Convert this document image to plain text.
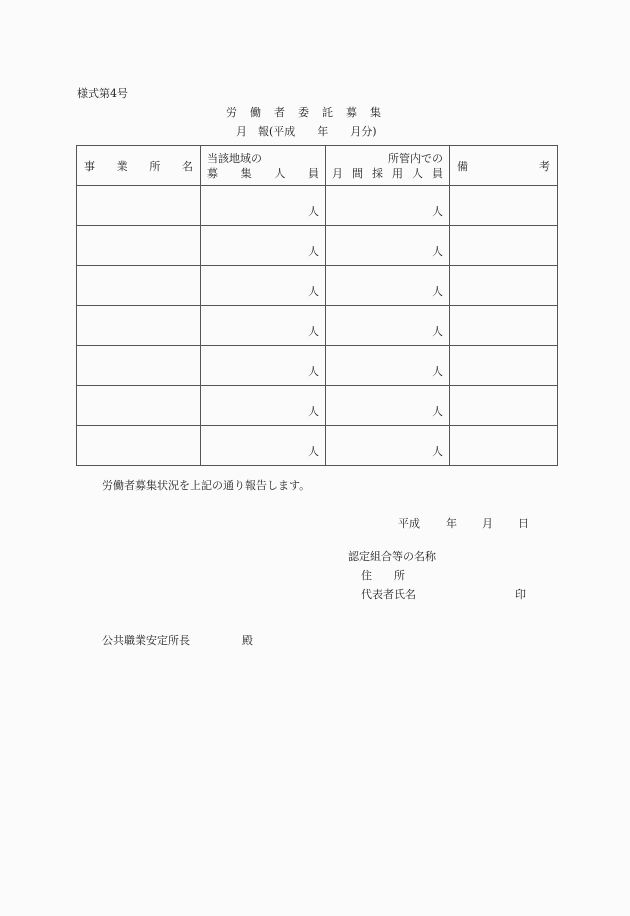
様式第4号
労 働 者 委 託 募 集
月　報(平成　　年　　月分)
事 業 所 名

当該地域の
募 集 人 員

所管内での
月 間 採 用 人 員

備	考

	人	人	

	人	人	

	人	人	

	人	人	

	人	人	

	人	人	

	人	人	

労働者募集状況を上記の通り報告します。
平成 年 月 日
認定組合等の名称
住　　所
代表者氏名	印
公共職業安定所長	殿
